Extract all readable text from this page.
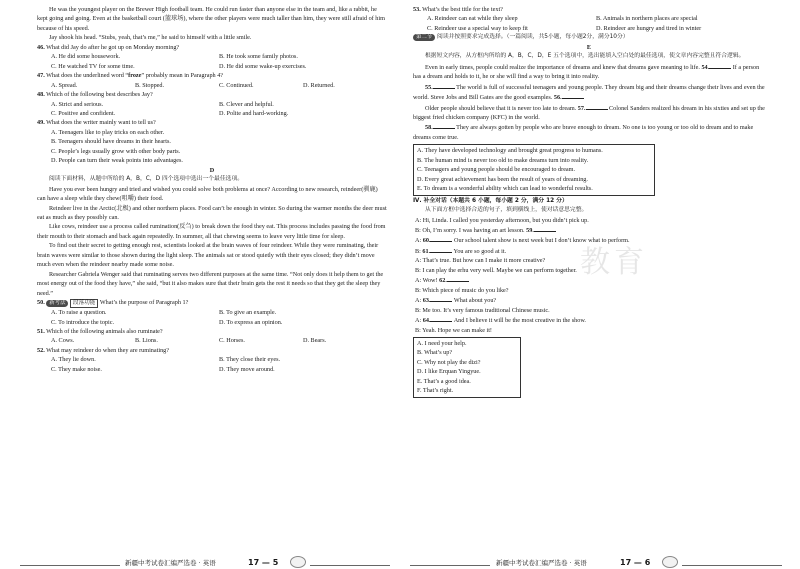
He was the youngest player on the Brewer High football team. He could run faster than anyone else in the team and, like a rabbit, he kept going and going. Even at the basketball court (篮球场), where the other players were much taller than him, they were still afraid of him because of his speed.

Jay shook his head. “Stubs, yeah, that’s me,” he said to himself with a little smile.

46. What did Jay do after he got up on Monday morning?

A. He did some housework.	B. He took some family photos.
C. He watched TV for some time.	D. He did some wake-up exercises.

47. What does the underlined word “froze” probably mean in Paragraph 4?

A. Spread.	B. Stopped.	C. Continued.	D. Returned.

48. Which of the following best describes Jay?

A. Strict and serious.	B. Clever and helpful.
C. Positive and confident.	D. Polite and hard-working.

49. What does the writer mainly want to tell us?

A. Teenagers like to play tricks on each other.

B. Teenagers should have dreams in their hearts.

C. People’s legs usually grow with other body parts.

D. People can turn their weak points into advantages.

D

阅读下面材料，从题中所给的 A，B，C，D 四个选项中选出一个最佳选项。

Have you ever been hungry and tried and wished you could solve both problems at once? According to new research, reindeer(驯鹿) can have a sleep while they chew(咀嚼) their food.

Reindeer live in the Arctic(北极) and other northern places. Food can’t be enough in winter. So during the warmer months the deer must eat as much as they possibly can.

Like cows, reindeer use a process called rumination(反刍) to break down the food they eat. This process includes passing the food from their mouth to their stomach and back again repeatedly. In summer, all that chewing seems to leave very little time for sleep.

To find out their secret to getting enough rest, scientists looked at the brain waves of four reindeer. While they were ruminating, their brain waves were similar to those shown during the light sleep. The animals sat or stood quietly with their eyes closed; they didn’t move much even when the reindeer nearby made some noise.

Researcher Gabriela Wenger said that ruminating serves two different purposes at the same time. “Not only does it help them to get the most energy out of the food they have,” she said, “but it also makes sure that their brain gets the rest it needs so that they get the sleep they need.”

50. 新考法 段落功能 What’s the purpose of Paragraph 1?

A. To raise a question.	B. To give an example.
C. To introduce the topic.	D. To express an opinion.

51. Which of the following animals also ruminate?

A. Cows.	B. Lions.	C. Horses.	D. Bears.

52. What may reindeer do when they are ruminating?

A. They lie down.	B. They close their eyes.
C. They make noise.	D. They move around.
新疆中考试卷汇编严选卷 · 英语	17 — 5
教育

53. What’s the best title for the text?

A. Reindeer can eat while they sleep	B. Animals in northern places are special
C. Reindeer use a special way to keep fit	D. Reindeer are hungry and tired in winter

第二节 阅读并按照要求完成选择。（一篇阅读，共5小题，每小题2分，满分10分）

E

根据短文内容，从方框内所给的 A，B，C，D，E 五个选项中，选出能填入空白处的最佳选项，使文章内容完整且符合逻辑。

Even in early times, people could realize the importance of dreams and knew that dreams gave meaning to life. 54.	If a person has a dream and holds to it, he or she will find a way to bring it into reality.

55.	The world is full of successful teenagers and young people. They dream big and their dreams change their lives and even the world. Steve Jobs and Bill Gates are the good examples. 56.

Older people should believe that it is never too late to dream. 57.	Colonel Sanders realized his dream in his sixties and set up the biggest fried chicken company (KFC) in the world.

58.	They are always gotten by people who are brave enough to dream. No one is too young or too old to dream and to make dreams come true.

A. They have developed technology and brought great progress to humans.

B. The human mind is never too old to make dreams turn into reality.

C. Teenagers and young people should be encouraged to dream.

D. Every great achievement has been the result of years of dreaming.

E. To dream is a wonderful ability which can lead to wonderful results.

Ⅳ. 补全对话（本题共 6 小题，每小题 2 分，满分 12 分）

从下面方框中选择合适的句子，填到横线上，使对话意思完整。

A: Hi, Linda. I called you yesterday afternoon, but you didn’t pick up.

B: Oh, I’m sorry. I was having an art lesson. 59.

A: 60.	Our school talent show is next week but I don’t know what to perform.

B: 61.	You are so good at it.

A: That’s true. But how can I make it more creative?

B: I can play the erhu very well. Maybe we can perform together.

A: Wow! 62.

B: Which piece of music do you like?

A: 63.	What about you?

B: Me too. It’s very famous traditional Chinese music.

A: 64.	And I believe it will be the most creative in the show.

B: Yeah. Hope we can make it!

A. I need your help.

B. What’s up?

C. Why not play the dizi?

D. I like Erquan Yingyue.

E. That’s a good idea.

F. That’s right.

新疆中考试卷汇编严选卷 · 英语	17 — 6
